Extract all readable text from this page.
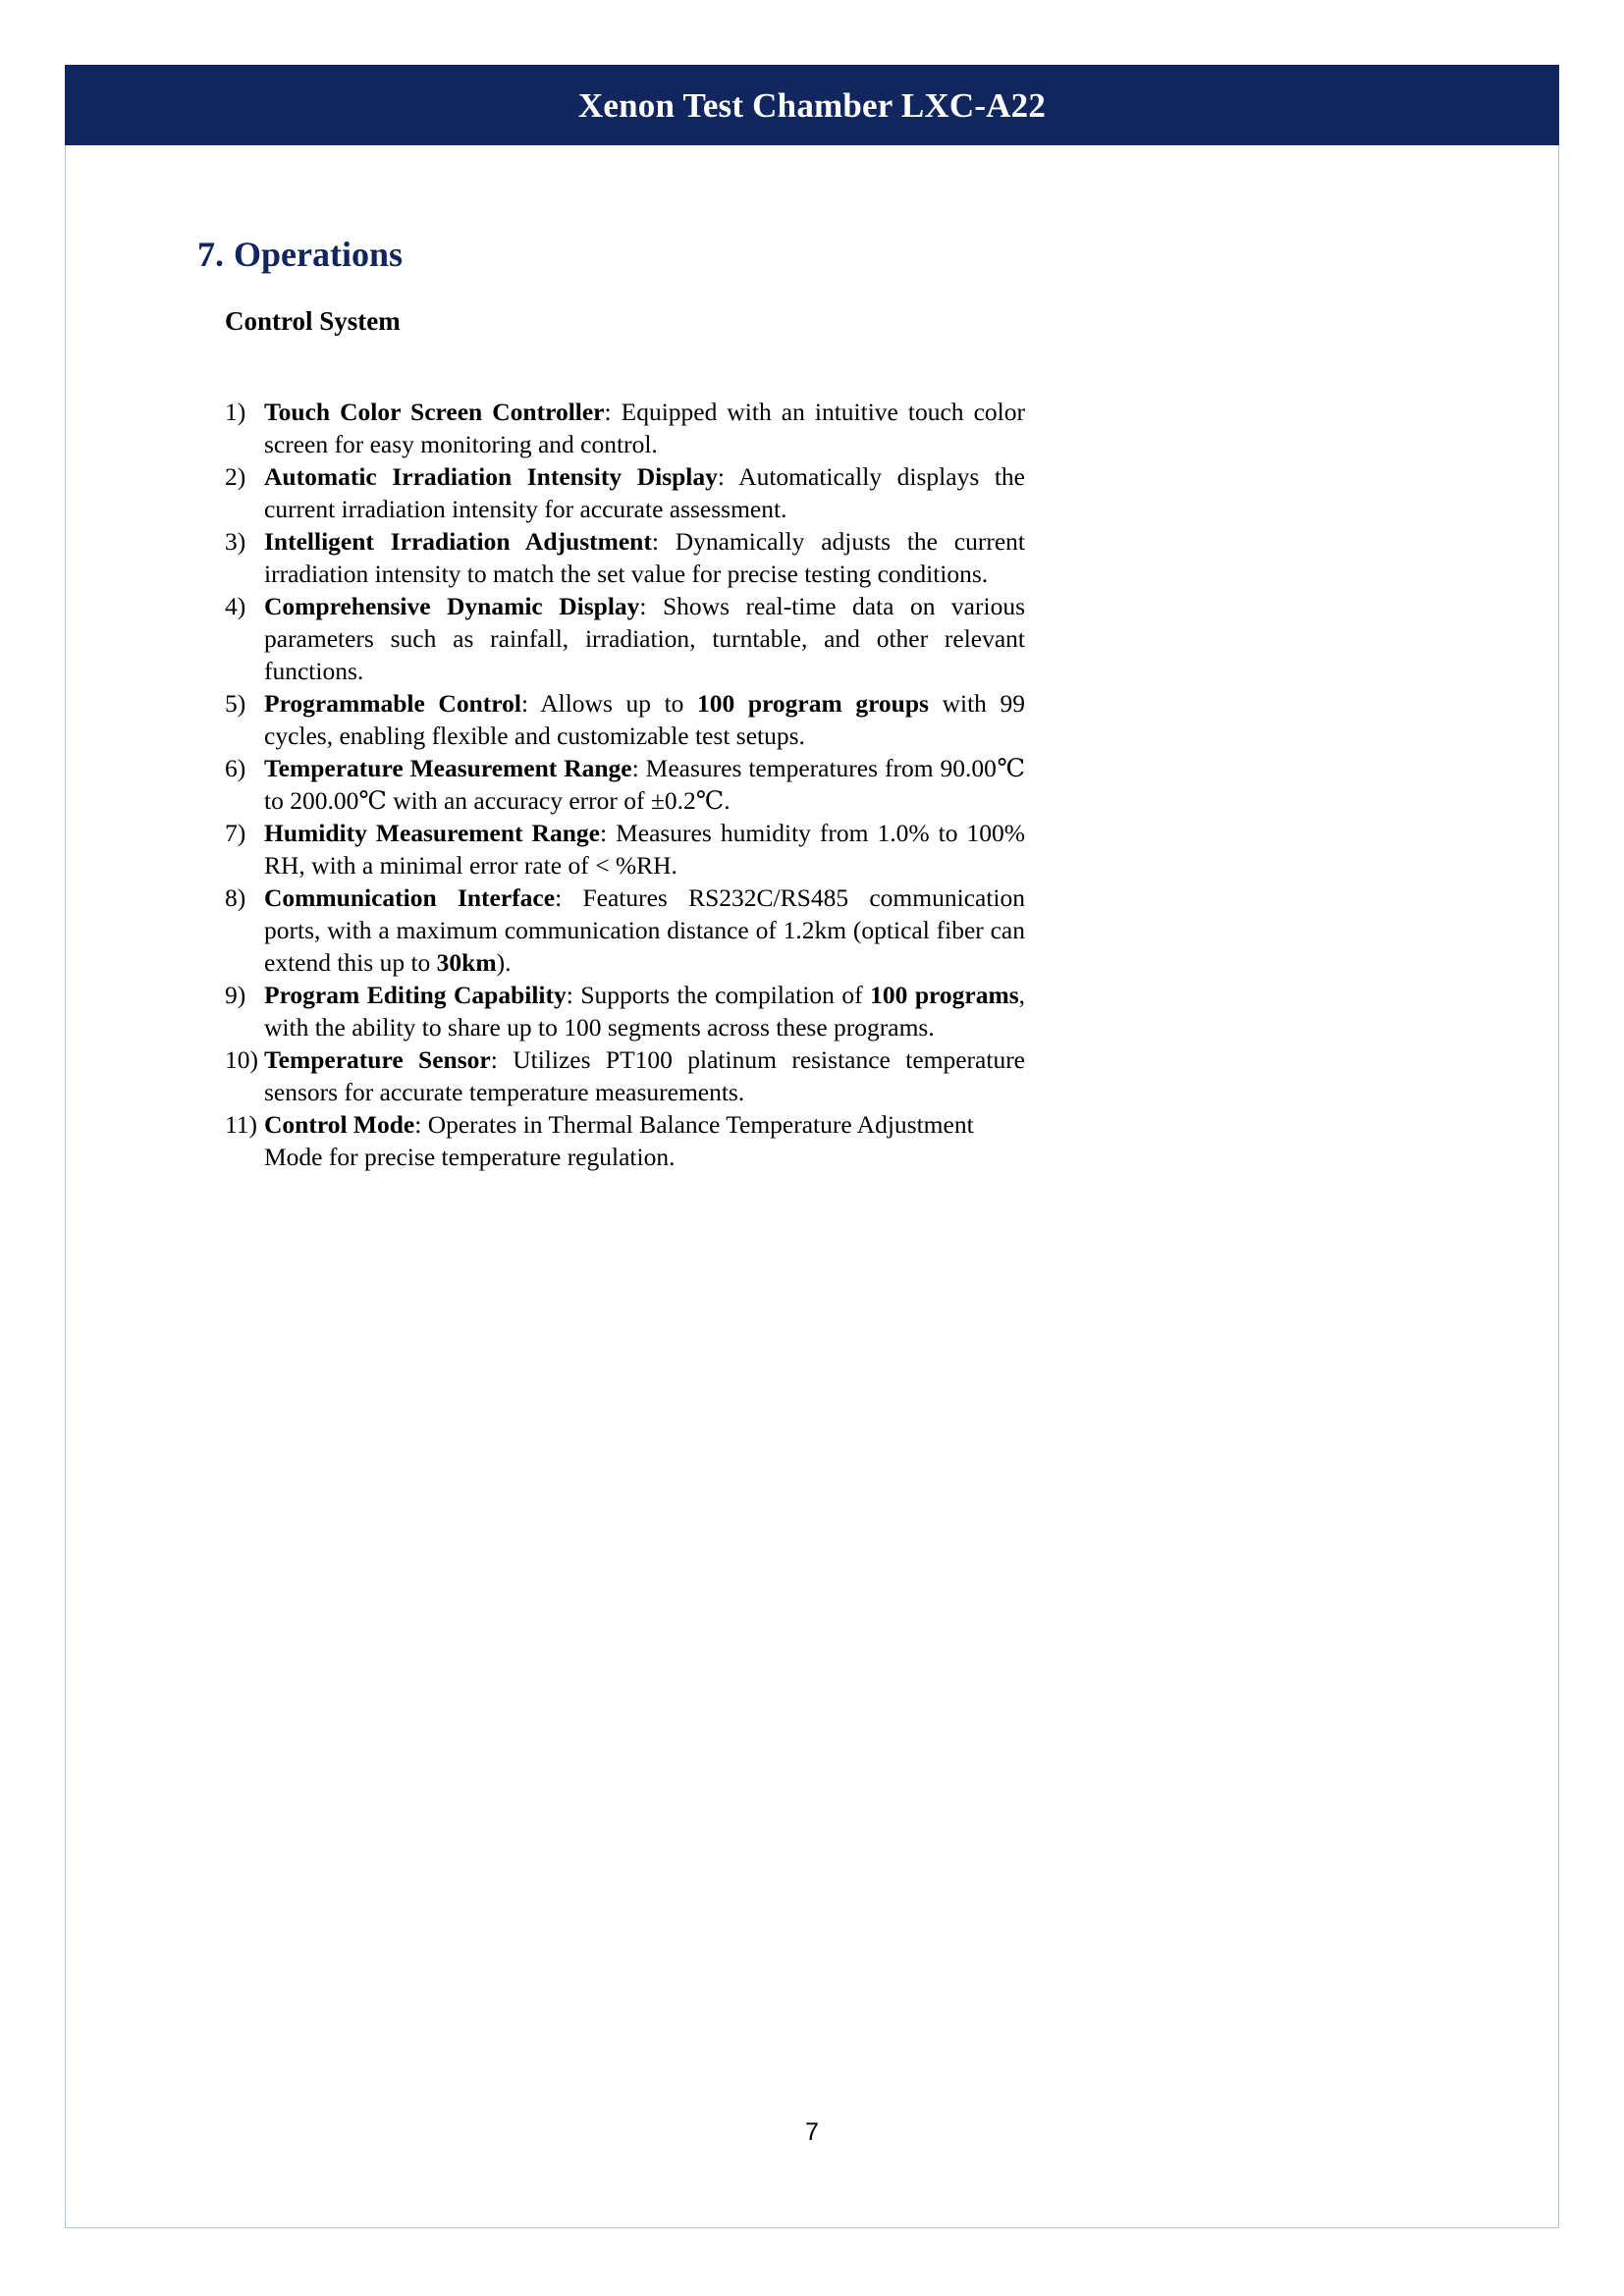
Xenon Test Chamber LXC-A22
7. Operations
Control System
1) Touch Color Screen Controller: Equipped with an intuitive touch color screen for easy monitoring and control.
2) Automatic Irradiation Intensity Display: Automatically displays the current irradiation intensity for accurate assessment.
3) Intelligent Irradiation Adjustment: Dynamically adjusts the current irradiation intensity to match the set value for precise testing conditions.
4) Comprehensive Dynamic Display: Shows real-time data on various parameters such as rainfall, irradiation, turntable, and other relevant functions.
5) Programmable Control: Allows up to 100 program groups with 99 cycles, enabling flexible and customizable test setups.
6) Temperature Measurement Range: Measures temperatures from 90.00℃ to 200.00℃ with an accuracy error of ±0.2℃.
7) Humidity Measurement Range: Measures humidity from 1.0% to 100% RH, with a minimal error rate of < %RH.
8) Communication Interface: Features RS232C/RS485 communication ports, with a maximum communication distance of 1.2km (optical fiber can extend this up to 30km).
9) Program Editing Capability: Supports the compilation of 100 programs, with the ability to share up to 100 segments across these programs.
10) Temperature Sensor: Utilizes PT100 platinum resistance temperature sensors for accurate temperature measurements.
11) Control Mode: Operates in Thermal Balance Temperature Adjustment Mode for precise temperature regulation.
7
